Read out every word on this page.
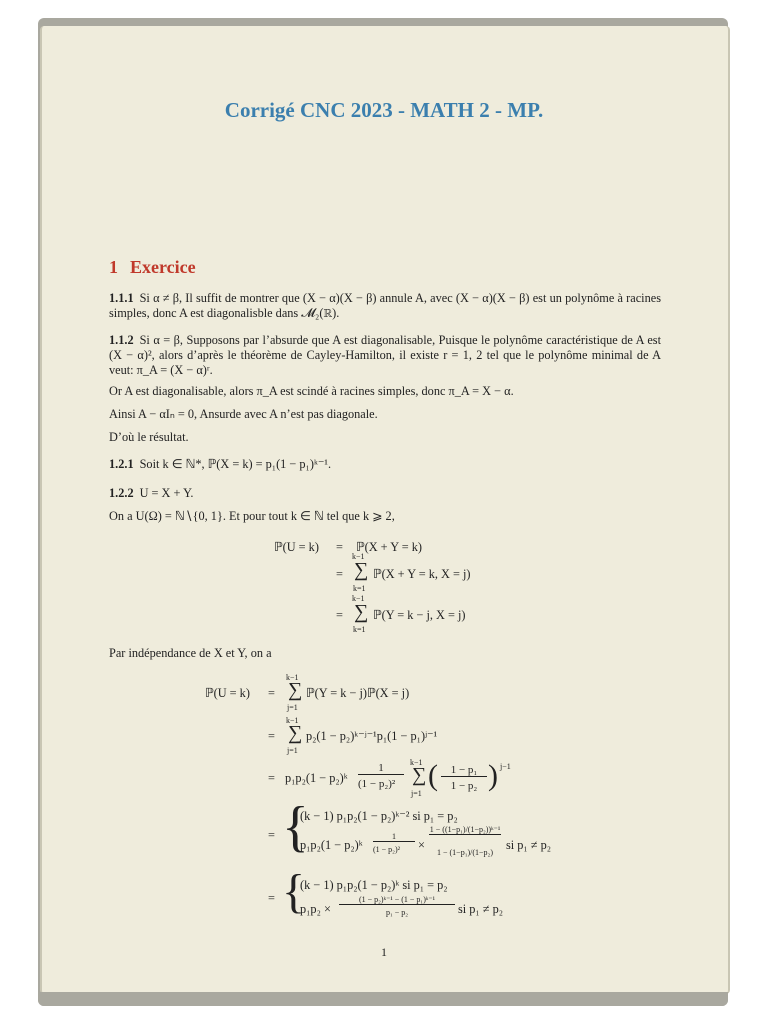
Corrigé CNC 2023 - MATH 2 - MP.
1 Exercice
1.1.1 Si α ≠ β, Il suffit de montrer que (X − α)(X − β) annule A, avec (X − α)(X − β) est un polynôme à racines simples, donc A est diagonalisble dans 𝓜₂(ℝ).
1.1.2 Si α = β, Supposons par l’absurde que A est diagonalisable, Puisque le polynôme caractéristique de A est (X − α)², alors d’après le théorème de Cayley-Hamilton, il existe r = 1, 2 tel que le polynôme minimal de A veut: π_A = (X − α)ʳ.
Or A est diagonalisable, alors π_A est scindé à racines simples, donc π_A = X − α.
Ainsi A − αIₙ = 0, Ansurde avec A n’est pas diagonale.
D’où le résultat.
1.2.1 Soit k ∈ ℕ*, ℙ(X = k) = p₁(1 − p₁)ᵏ⁻¹.
1.2.2 U = X + Y.
On a U(Ω) = ℕ∖{0, 1}. Et pour tout k ∈ ℕ tel que k ⩾ 2,
ℙ(U = k) = ℙ(X + Y = k)
=
k−1
∑
k=1
ℙ(X + Y = k, X = j)
=
k−1
∑
k=1
ℙ(Y = k − j, X = j)
Par indépendance de X et Y, on a
ℙ(U = k) =
k−1
∑
j=1
ℙ(Y = k − j)ℙ(X = j)
=
k−1
∑
j=1
p₂(1 − p₂)ᵏ⁻ʲ⁻¹p₁(1 − p₁)ʲ⁻¹
= p₁p₂(1 − p₂)ᵏ
1
(1 − p₂)²
k−1
∑
j=1
(	1 − p₁
1 − p₂ ) j−1
= {
(k − 1) p₁p₂(1 − p₂)ᵏ⁻² si p₁ = p₂
p₁p₂(1 − p₂)ᵏ
1
(1 − p₂)² ×
1 − ((1−p₁)/(1−p₂))ᵏ⁻¹
1 − (1−p₁)/(1−p₂)
si p₁ ≠ p₂
= {
(k − 1) p₁p₂(1 − p₂)ᵏ si p₁ = p₂
p₁p₂ ×
(1 − p₂)ᵏ⁻¹ − (1 − p₁)ᵏ⁻¹
p₁ − p₂	si p₁ ≠ p₂
1
